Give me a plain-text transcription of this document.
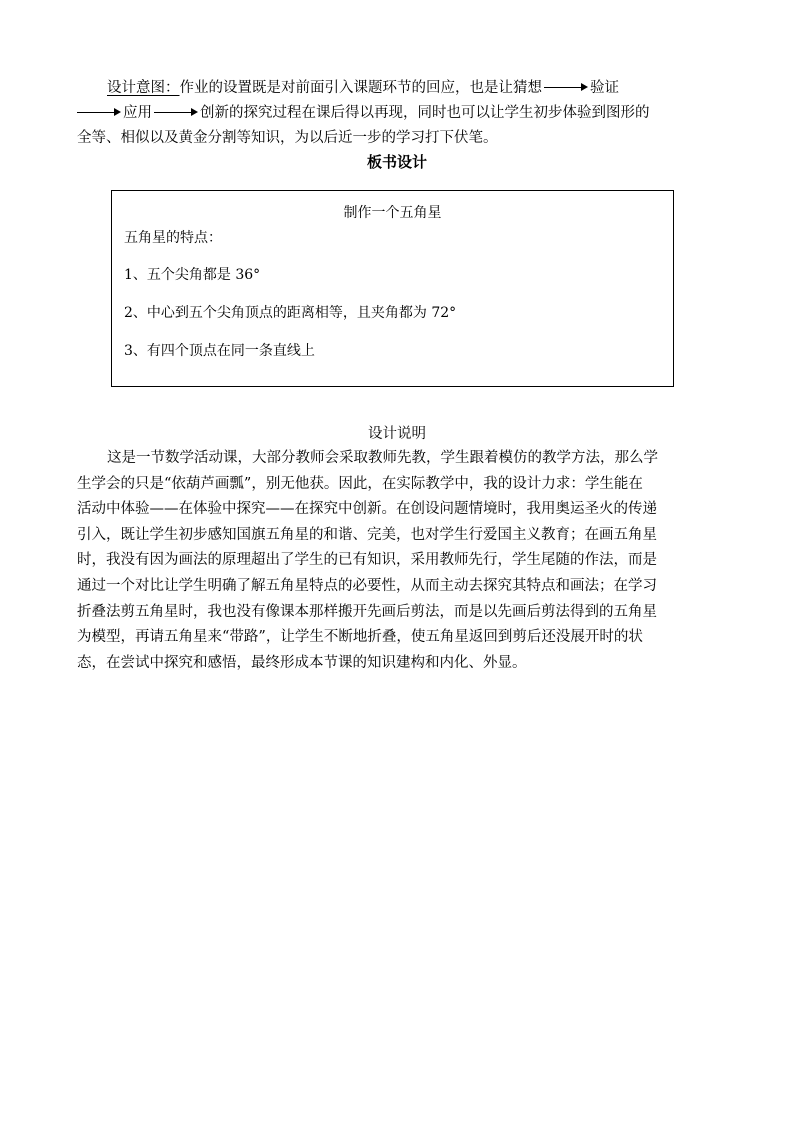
设计意图：作业的设置既是对前面引入课题环节的回应，也是让猜想	验证
应用	创新的探究过程在课后得以再现，同时也可以让学生初步体验到图形的
全等、相似以及黄金分割等知识，为以后近一步的学习打下伏笔。
板书设计
制作一个五角星
五角星的特点：
1、五个尖角都是 36°
2、中心到五个尖角顶点的距离相等，且夹角都为 72°
3、有四个顶点在同一条直线上
设计说明
这是一节数学活动课，大部分教师会采取教师先教，学生跟着模仿的教学方法，那么学
生学会的只是“依葫芦画瓢”，别无他获。因此，在实际教学中，我的设计力求：学生能在
活动中体验——在体验中探究——在探究中创新。在创设问题情境时，我用奥运圣火的传递
引入，既让学生初步感知国旗五角星的和谐、完美，也对学生行爱国主义教育；在画五角星
时，我没有因为画法的原理超出了学生的已有知识，采用教师先行，学生尾随的作法，而是
通过一个对比让学生明确了解五角星特点的必要性，从而主动去探究其特点和画法；在学习
折叠法剪五角星时，我也没有像课本那样搬开先画后剪法，而是以先画后剪法得到的五角星
为模型，再请五角星来“带路”，让学生不断地折叠，使五角星返回到剪后还没展开时的状
态，在尝试中探究和感悟，最终形成本节课的知识建构和内化、外显。
